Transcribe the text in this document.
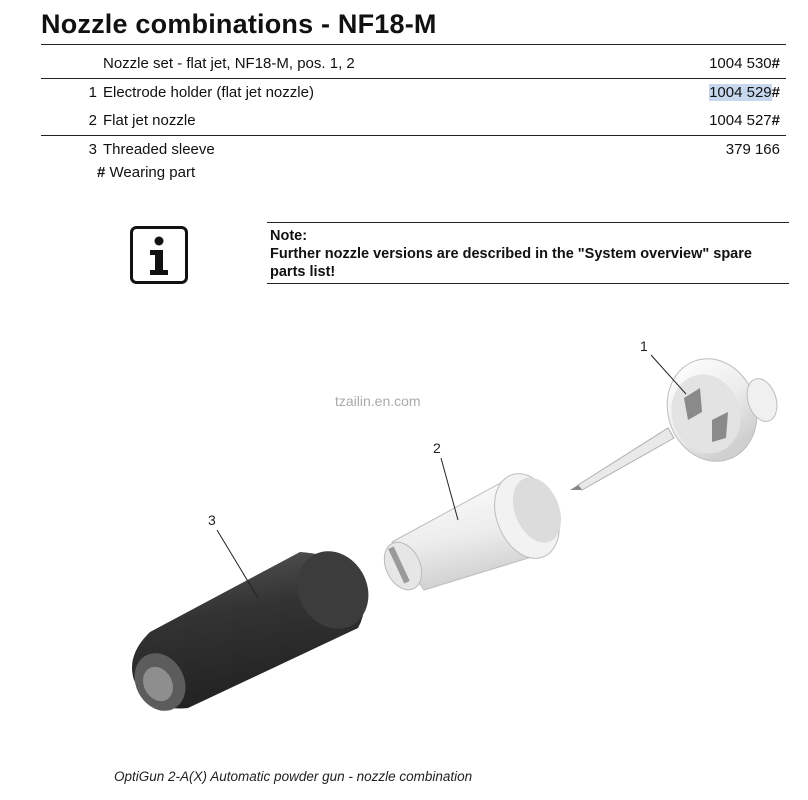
Nozzle combinations - NF18-M
Nozzle set - flat jet, NF18-M, pos. 1, 2	1004 530#
1 Electrode holder (flat jet nozzle)	1004 529#
2 Flat jet nozzle	1004 527#
3 Threaded sleeve	379 166
# Wearing part
Note:
Further nozzle versions are described in the "System overview" spare parts list!
1
2
3
tzailin.en.com
OptiGun 2-A(X) Automatic powder gun - nozzle combination
